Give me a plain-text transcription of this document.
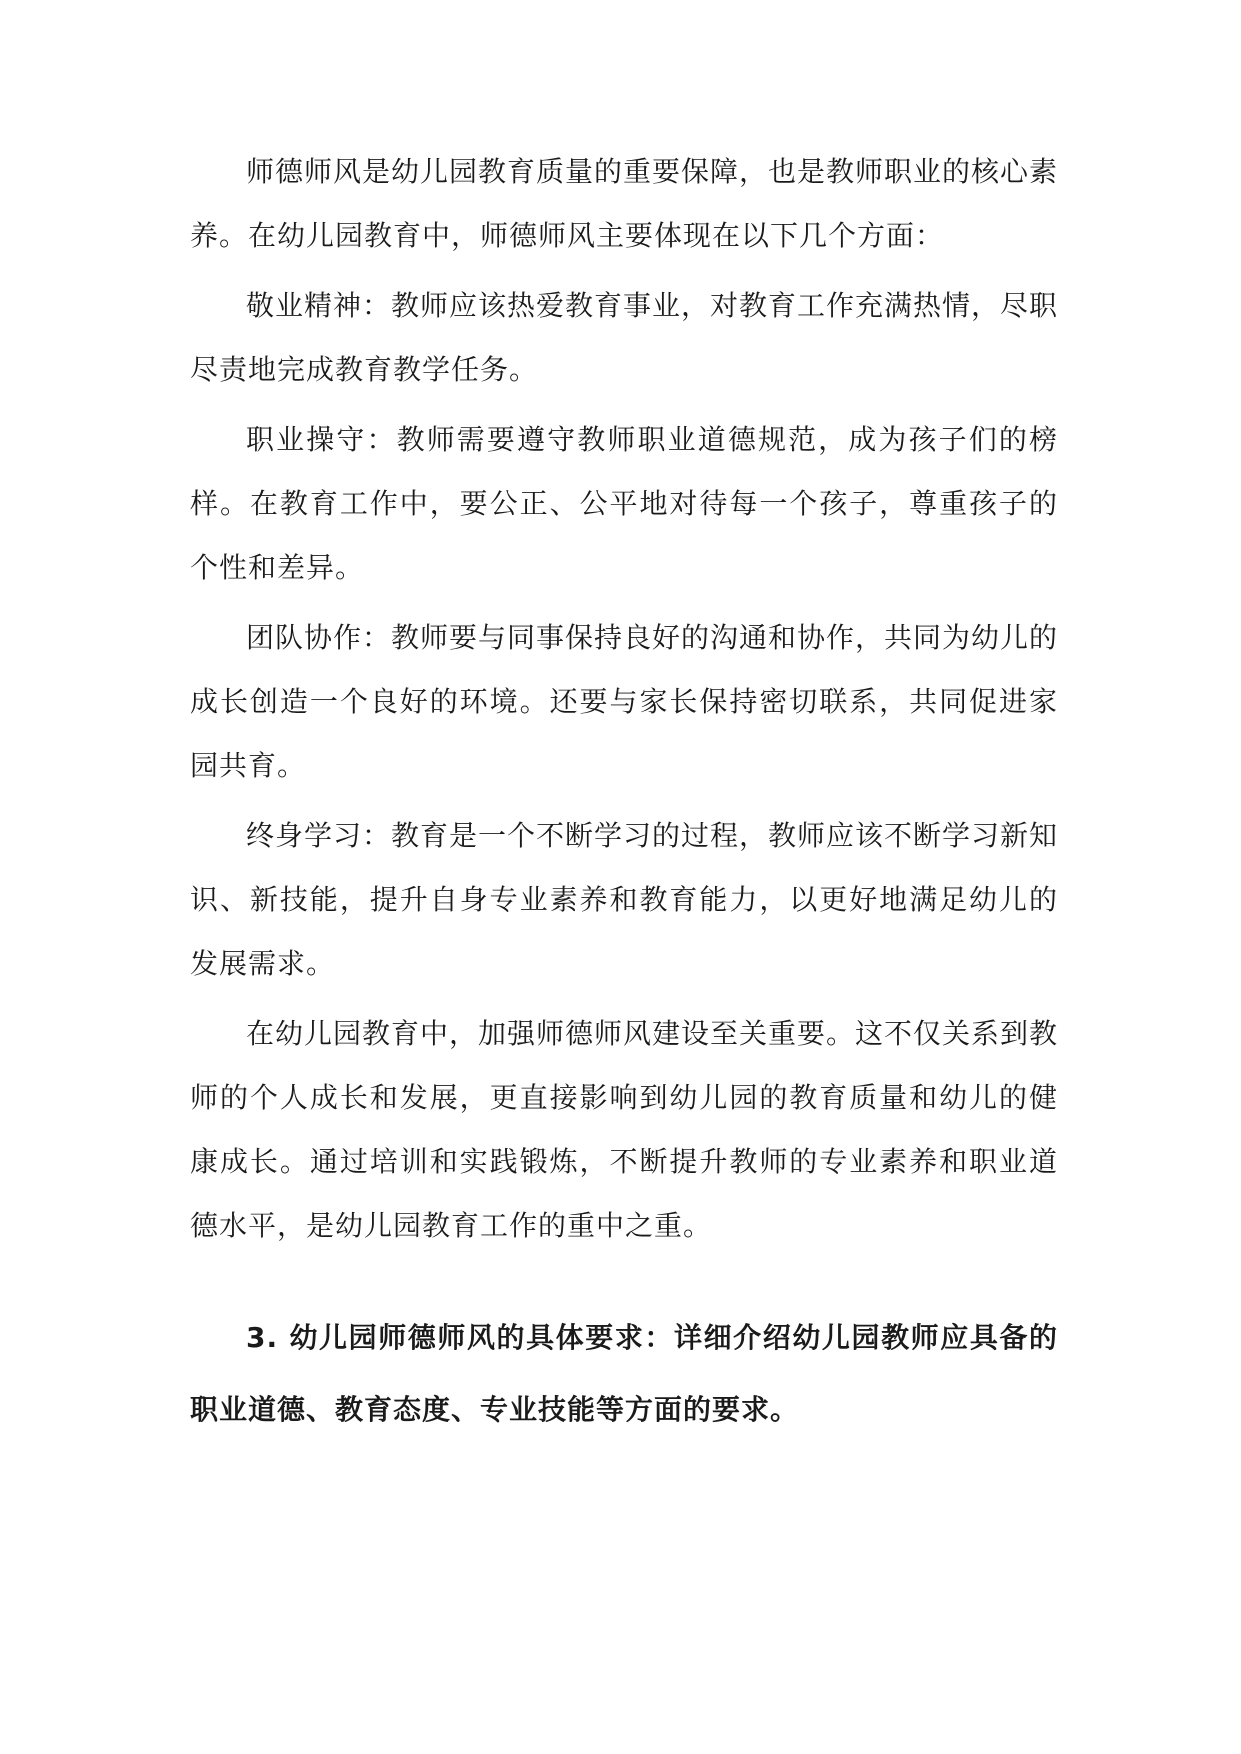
师德师风是幼儿园教育质量的重要保障，也是教师职业的核心素养。在幼儿园教育中，师德师风主要体现在以下几个方面：

敬业精神：教师应该热爱教育事业，对教育工作充满热情，尽职尽责地完成教育教学任务。

职业操守：教师需要遵守教师职业道德规范，成为孩子们的榜样。在教育工作中，要公正、公平地对待每一个孩子，尊重孩子的个性和差异。

团队协作：教师要与同事保持良好的沟通和协作，共同为幼儿的成长创造一个良好的环境。还要与家长保持密切联系，共同促进家园共育。

终身学习：教育是一个不断学习的过程，教师应该不断学习新知识、新技能，提升自身专业素养和教育能力，以更好地满足幼儿的发展需求。

在幼儿园教育中，加强师德师风建设至关重要。这不仅关系到教师的个人成长和发展，更直接影响到幼儿园的教育质量和幼儿的健康成长。通过培训和实践锻炼，不断提升教师的专业素养和职业道德水平，是幼儿园教育工作的重中之重。

3. 幼儿园师德师风的具体要求：详细介绍幼儿园教师应具备的职业道德、教育态度、专业技能等方面的要求。
